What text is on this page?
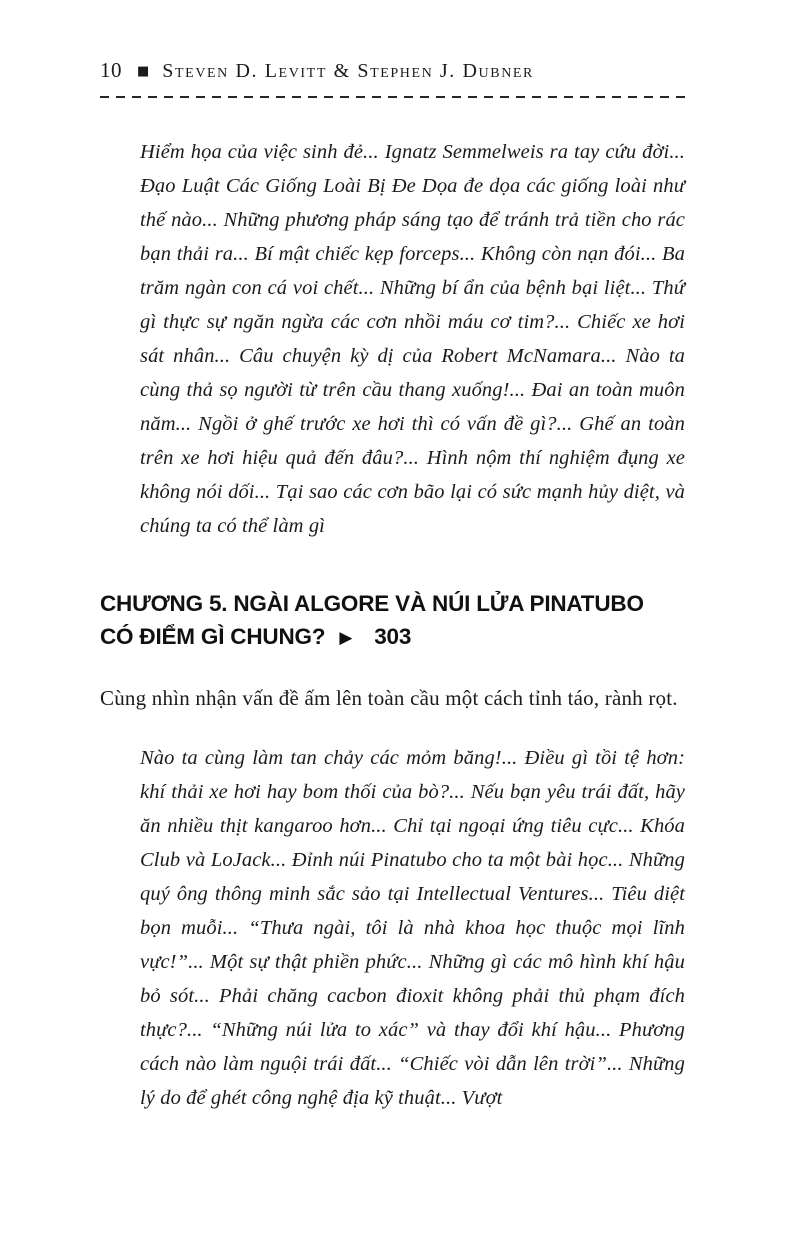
10 ■ Steven D. Levitt & Stephen J. Dubner

Hiểm họa của việc sinh đẻ... Ignatz Semmelweis ra tay cứu đời... Đạo Luật Các Giống Loài Bị Đe Dọa đe dọa các giống loài như thế nào... Những phương pháp sáng tạo để tránh trả tiền cho rác bạn thải ra... Bí mật chiếc kẹp forceps... Không còn nạn đói... Ba trăm ngàn con cá voi chết... Những bí ẩn của bệnh bại liệt... Thứ gì thực sự ngăn ngừa các cơn nhồi máu cơ tim?... Chiếc xe hơi sát nhân... Câu chuyện kỳ dị của Robert McNamara... Nào ta cùng thả sọ người từ trên cầu thang xuống!... Đai an toàn muôn năm... Ngồi ở ghế trước xe hơi thì có vấn đề gì?... Ghế an toàn trên xe hơi hiệu quả đến đâu?... Hình nộm thí nghiệm đụng xe không nói dối... Tại sao các cơn bão lại có sức mạnh hủy diệt, và chúng ta có thể làm gì

CHƯƠNG 5. NGÀI ALGORE VÀ NÚI LỬA PINATUBO
CÓ ĐIỂM GÌ CHUNG? ▶ 303

Cùng nhìn nhận vấn đề ấm lên toàn cầu một cách tỉnh táo, rành rọt.

Nào ta cùng làm tan chảy các mỏm băng!... Điều gì tồi tệ hơn: khí thải xe hơi hay bom thối của bò?... Nếu bạn yêu trái đất, hãy ăn nhiều thịt kangaroo hơn... Chỉ tại ngoại ứng tiêu cực... Khóa Club và LoJack... Đỉnh núi Pinatubo cho ta một bài học... Những quý ông thông minh sắc sảo tại Intellectual Ventures... Tiêu diệt bọn muỗi... “Thưa ngài, tôi là nhà khoa học thuộc mọi lĩnh vực!”... Một sự thật phiền phức... Những gì các mô hình khí hậu bỏ sót... Phải chăng cacbon đioxit không phải thủ phạm đích thực?... “Những núi lửa to xác” và thay đổi khí hậu... Phương cách nào làm nguội trái đất... “Chiếc vòi dẫn lên trời”... Những lý do để ghét công nghệ địa kỹ thuật... Vượt
